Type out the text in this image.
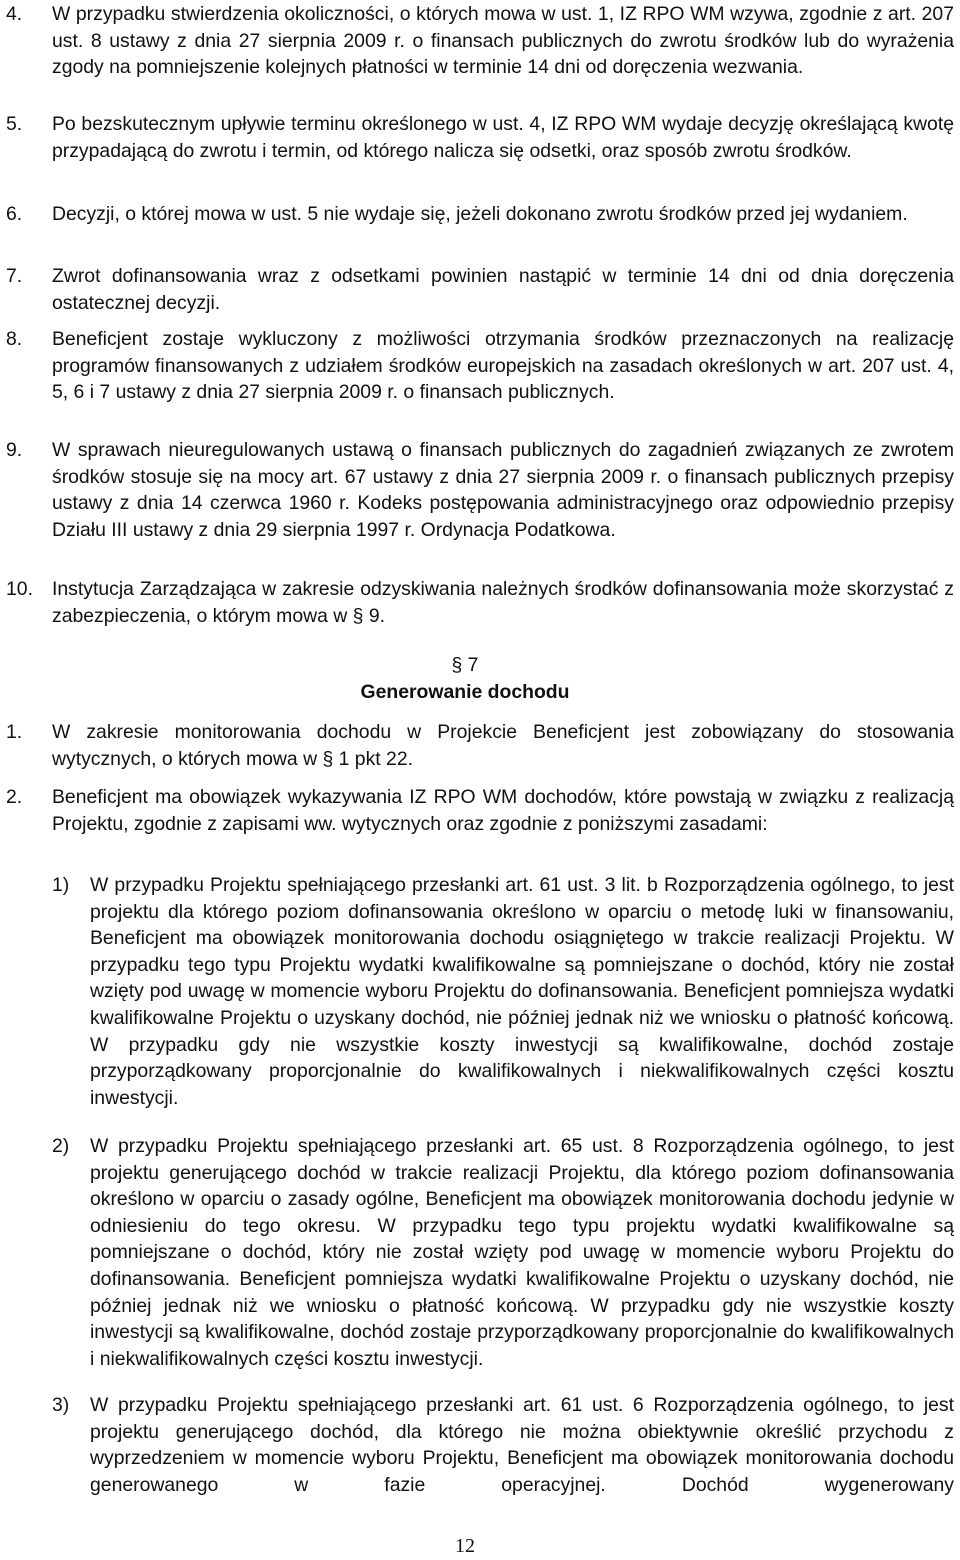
4.	W przypadku stwierdzenia okoliczności, o których mowa w ust. 1, IZ RPO WM wzywa, zgodnie z art. 207 ust. 8 ustawy z dnia 27 sierpnia 2009 r. o finansach publicznych do zwrotu środków lub do wyrażenia zgody na pomniejszenie kolejnych płatności w terminie 14 dni od doręczenia wezwania.
5.	Po bezskutecznym upływie terminu określonego w ust. 4, IZ RPO WM wydaje decyzję określającą kwotę przypadającą do zwrotu i termin, od którego nalicza się odsetki, oraz sposób zwrotu środków.
6.	Decyzji, o której mowa w ust. 5 nie wydaje się, jeżeli dokonano zwrotu środków przed jej wydaniem.
7.	Zwrot dofinansowania wraz z odsetkami powinien nastąpić w terminie 14 dni od dnia doręczenia ostatecznej decyzji.
8.	Beneficjent zostaje wykluczony z możliwości otrzymania środków przeznaczonych na realizację programów finansowanych z udziałem środków europejskich na zasadach określonych w art. 207 ust. 4, 5, 6 i 7 ustawy z dnia 27 sierpnia 2009 r. o finansach publicznych.
9.	W sprawach nieuregulowanych ustawą o finansach publicznych do zagadnień związanych ze zwrotem środków stosuje się na mocy art. 67 ustawy z dnia 27 sierpnia 2009 r. o finansach publicznych przepisy ustawy z dnia 14 czerwca 1960 r. Kodeks postępowania administracyjnego oraz odpowiednio przepisy Działu III ustawy z dnia 29 sierpnia 1997 r. Ordynacja Podatkowa.
10. Instytucja Zarządzająca w zakresie odzyskiwania należnych środków dofinansowania może skorzystać z zabezpieczenia, o którym mowa w § 9.
§ 7
Generowanie dochodu
1.	W zakresie monitorowania dochodu w Projekcie Beneficjent jest zobowiązany do stosowania wytycznych, o których mowa w § 1 pkt 22.
2.	Beneficjent ma obowiązek wykazywania IZ RPO WM dochodów, które powstają w związku z realizacją Projektu, zgodnie z zapisami ww. wytycznych oraz zgodnie z poniższymi zasadami:
1)	W przypadku Projektu spełniającego przesłanki art. 61 ust. 3 lit. b Rozporządzenia ogólnego, to jest projektu dla którego poziom dofinansowania określono w oparciu o metodę luki w finansowaniu, Beneficjent ma obowiązek monitorowania dochodu osiągniętego w trakcie realizacji Projektu. W przypadku tego typu Projektu wydatki kwalifikowalne są pomniejszane o dochód, który nie został wzięty pod uwagę w momencie wyboru Projektu do dofinansowania. Beneficjent pomniejsza wydatki kwalifikowalne Projektu o uzyskany dochód, nie później jednak niż we wniosku o płatność końcową. W przypadku gdy nie wszystkie koszty inwestycji są kwalifikowalne, dochód zostaje przyporządkowany proporcjonalnie do kwalifikowalnych i niekwalifikowalnych części kosztu inwestycji.
2)	W przypadku Projektu spełniającego przesłanki art. 65 ust. 8 Rozporządzenia ogólnego, to jest projektu generującego dochód w trakcie realizacji Projektu, dla którego poziom dofinansowania określono w oparciu o zasady ogólne, Beneficjent ma obowiązek monitorowania dochodu jedynie w odniesieniu do tego okresu. W przypadku tego typu projektu wydatki kwalifikowalne są pomniejszane o dochód, który nie został wzięty pod uwagę w momencie wyboru Projektu do dofinansowania. Beneficjent pomniejsza wydatki kwalifikowalne Projektu o uzyskany dochód, nie później jednak niż we wniosku o płatność końcową. W przypadku gdy nie wszystkie koszty inwestycji są kwalifikowalne, dochód zostaje przyporządkowany proporcjonalnie do kwalifikowalnych i niekwalifikowalnych części kosztu inwestycji.
3)	W przypadku Projektu spełniającego przesłanki art. 61 ust. 6 Rozporządzenia ogólnego, to jest projektu generującego dochód, dla którego nie można obiektywnie określić przychodu z wyprzedzeniem w momencie wyboru Projektu, Beneficjent ma obowiązek monitorowania dochodu generowanego w fazie operacyjnej. Dochód wygenerowany
12
